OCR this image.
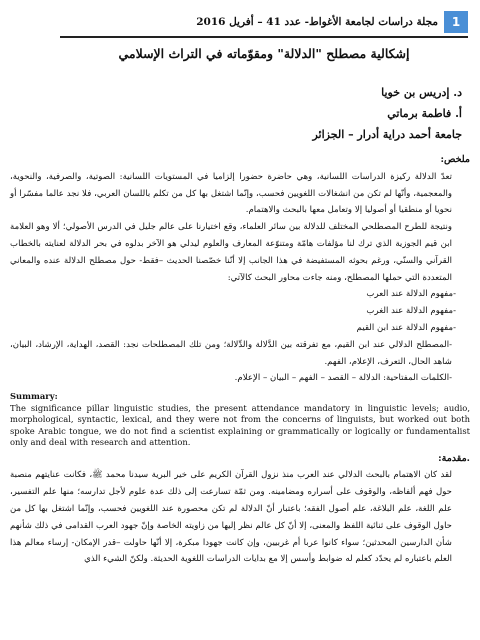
1
مجلة دراسات لجامعة الأغواط- عدد 41 – أفريل 2016
إشكالية مصطلح "الدلالة" ومقوّماته في التراث الإسلامي
د. إدريس بن خويا
أ. فاطمة برماتي
جامعة أحمد دراية أدرار – الجزائر

ملخص:

تعدّ الدلالة ركيزة الدراسات اللسانية، وهي حاضرة حضورا إلزاميا في المستويات اللسانية: الصوتية، والصرفية، والنحوية، والمعجمية، وأنّها لم تكن من انشغالات اللغويين فحسب، وإنّما اشتغل بها كل من تكلم باللسان العربي، فلا نجد عالما مفسّرا أو نحويا أو منطقيا أو أصوليا إلا وتعامل معها بالبحث والاهتمام.

ونتيجة للطرح المصطلحي المختلف للدلالة بين سائر العلماء، وقع اختيارنا على عالم جليل في الدرس الأصولي؛ ألا وهو العلامة ابن قيم الجوزية الذي ترك لنا مؤلفات هامّة ومتنوّعة المعارف والعلوم ليدلي هو الآخر بدلوه في بحر الدلالة لعنايته بالخطاب القرآني والسنّي، ورغم بحوثه المستفيضة في هذا الجانب إلا أنّنا خصّصنا الحديث –فقط- حول مصطلح الدلالة عنده والمعاني المتعددة التي حملها المصطلح، ومنه جاءت محاور البحث كالآتي:

-مفهوم الدلالة عند العرب

-مفهوم الدلالة عند الغرب

-مفهوم الدلالة عند ابن القيم

-المصطلح الدلالي عند ابن القيم، مع تفرقته بين الدَّلالة والدِّلالة؛ ومن تلك المصطلحات نجد: القصد، الهداية، الإرشاد، البيان، شاهد الحال، التعرف، الإعلام، الفهم.

-الكلمات المفتاحية: الدلالة – القصد – الفهم – البيان – الإعلام.

Summary:
The significance pillar linguistic studies, the present attendance mandatory in linguistic levels; audio, morphological, syntactic, lexical, and they were not from the concerns of linguists, but worked out both spoke Arabic tongue, we do not find a scientist explaining or grammatically or logically or fundamentalist only and deal with research and attention.

.مقدمة:

لقد كان الاهتمام بالبحث الدلالي عند العرب منذ نزول القرآن الكريم على خير البرية سيدنا محمد ﷺ، فكانت عنايتهم منصبة حول فهم ألفاظه، والوقوف على أسراره ومضامينه. ومن ثمّة تسارعت إلى ذلك عدة علوم لأجل تدارسه؛ منها علم التفسير، علم اللغة، علم البلاغة، علم أصول الفقه؛ باعتبار أنّ الدلالة لم تكن محصورة عند اللغويين فحسب، وإنّما اشتغل بها كل من حاول الوقوف على ثنائية اللفظ والمعنى، إلا أنّ كل عالم نظر إليها من زاويته الخاصة وإنّ جهود العرب القدامى في ذلك شأنهم شأن الدارسين المحدثين؛ سواء كانوا عربا أم غربيين، وإن كانت جهودا مبكرة، إلا أنّها حاولت –قدر الإمكان- إرساء معالم هذا العلم باعتباره لم يحدّد كعلم له ضوابط وأسس إلا مع بدايات الدراسات اللغوية الحديثة. ولكنّ الشيء الذي
